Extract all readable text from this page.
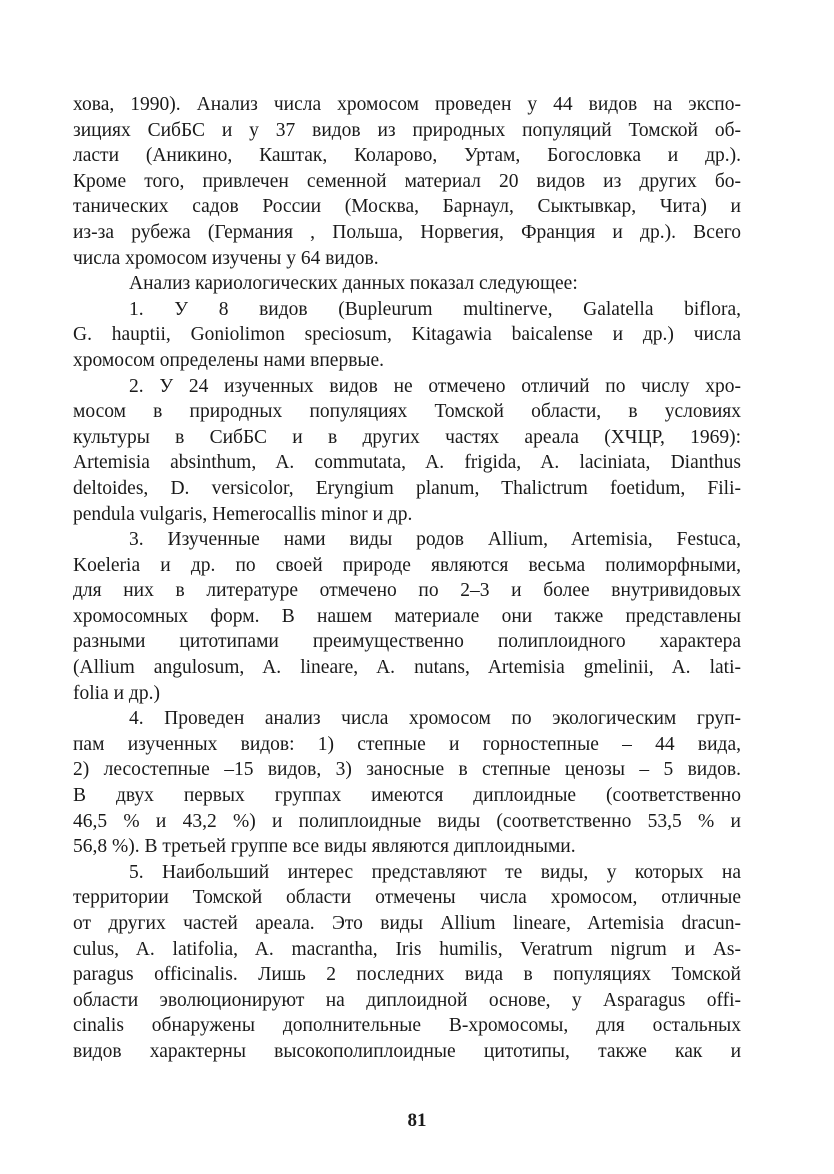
хова, 1990). Анализ числа хромосом проведен у 44 видов на экспо-
зициях СибБС и у 37 видов из природных популяций Томской об-
ласти (Аникино, Каштак, Коларово, Уртам, Богословка и др.).
Кроме того, привлечен семенной материал 20 видов из других бо-
танических садов России (Москва, Барнаул, Сыктывкар, Чита) и
из-за рубежа (Германия , Польша, Норвегия, Франция и др.). Всего
числа хромосом изучены у 64 видов.
Анализ кариологических данных показал следующее:
1. У 8 видов (Bupleurum multinerve, Galatella biflora,
G. hauptii, Goniolimon speciosum, Kitagawia baicalense и др.) числа
хромосом определены нами впервые.
2. У 24 изученных видов не отмечено отличий по числу хро-
мосом в природных популяциях Томской области, в условиях
культуры в СибБС и в других частях ареала (ХЧЦР, 1969):
Artemisia absinthum, A. commutata, A. frigida, A. laciniata, Dianthus
deltoides, D. versicolor, Eryngium planum, Thalictrum foetidum, Fili-
pendula vulgaris, Hemerocallis minor и др.
3. Изученные нами виды родов Allium, Artemisia, Festuca,
Koeleria и др. по своей природе являются весьма полиморфными,
для них в литературе отмечено по 2–3 и более внутривидовых
хромосомных форм. В нашем материале они также представлены
разными цитотипами преимущественно полиплоидного характера
(Allium angulosum, A. lineare, A. nutans, Artemisia gmelinii, A. lati-
folia и др.)
4. Проведен анализ числа хромосом по экологическим груп-
пам изученных видов: 1) степные и горностепные – 44 вида,
2) лесостепные –15 видов, 3) заносные в степные ценозы – 5 видов.
В двух первых группах имеются диплоидные (соответственно
46,5 % и 43,2 %) и полиплоидные виды (соответственно 53,5 % и
56,8 %). В третьей группе все виды являются диплоидными.
5. Наибольший интерес представляют те виды, у которых на
территории Томской области отмечены числа хромосом, отличные
от других частей ареала. Это виды Allium lineare, Artemisia dracun-
culus, A. latifolia, A. macrantha, Iris humilis, Veratrum nigrum и As-
paragus officinalis. Лишь 2 последних вида в популяциях Томской
области эволюционируют на диплоидной основе, у Asparagus offi-
cinalis обнаружены дополнительные В-хромосомы, для остальных
видов характерны высокополиплоидные цитотипы, также как и
81
